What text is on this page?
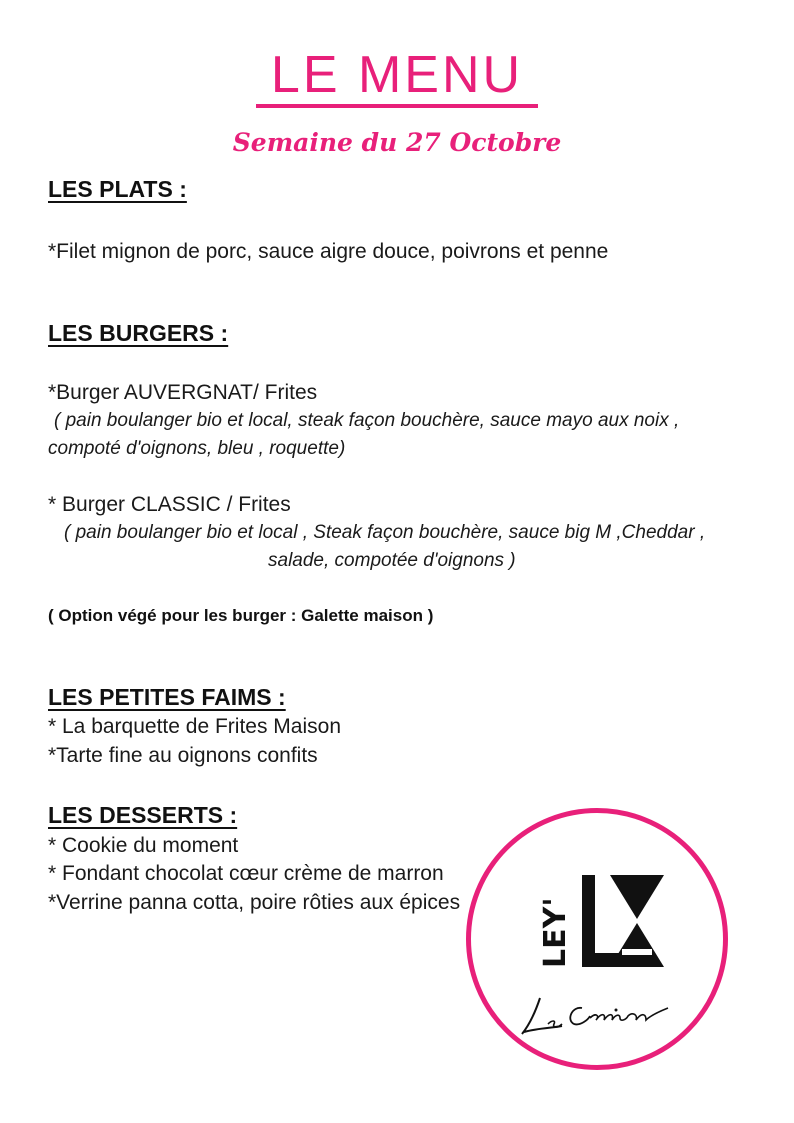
LE MENU
Semaine du 27 Octobre
LES PLATS :
*Filet mignon de porc, sauce aigre douce, poivrons et penne
LES BURGERS :
*Burger AUVERGNAT/ Frites
( pain boulanger bio et local, steak façon bouchère, sauce mayo aux noix ,
compoté d'oignons, bleu , roquette)
* Burger CLASSIC / Frites
( pain boulanger bio et local , Steak façon bouchère, sauce big M ,Cheddar ,
salade, compotée d'oignons )
( Option végé pour les burger : Galette maison )
LES PETITES FAIMS :
* La barquette de Frites Maison
*Tarte fine au oignons confits
LES DESSERTS :
* Cookie du moment
* Fondant chocolat cœur crème de marron
*Verrine panna cotta, poire rôties aux épices	LEY'
